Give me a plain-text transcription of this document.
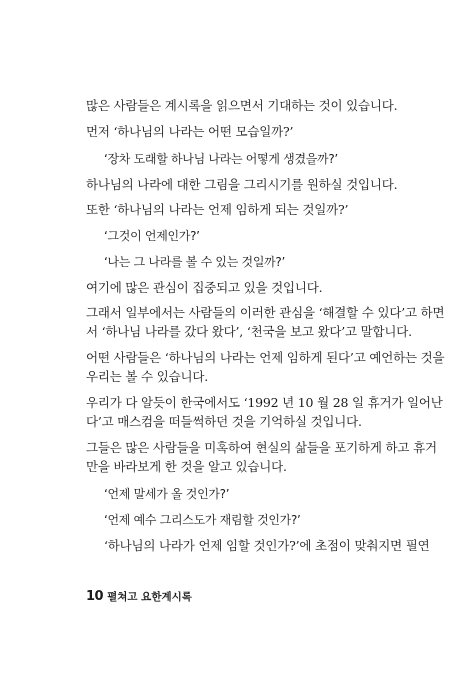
많은 사람들은 계시록을 읽으면서 기대하는 것이 있습니다.
먼저 ‘하나님의 나라는 어떤 모습일까?’
‘장차 도래할 하나님 나라는 어떻게 생겼을까?’
하나님의 나라에 대한 그림을 그리시기를 원하실 것입니다.
또한 ‘하나님의 나라는 언제 임하게 되는 것일까?’
‘그것이 언제인가?’
‘나는 그 나라를 볼 수 있는 것일까?’
여기에 많은 관심이 집중되고 있을 것입니다.
그래서 일부에서는 사람들의 이러한 관심을 ‘해결할 수 있다’고 하면
서 ‘하나님 나라를 갔다 왔다’, ‘천국을 보고 왔다’고 말합니다.
어떤 사람들은 ‘하나님의 나라는 언제 임하게 된다’고 예언하는 것을
우리는 볼 수 있습니다.
우리가 다 알듯이 한국에서도 ‘1992 년 10 월 28 일 휴거가 일어난
다’고 매스컴을 떠들썩하던 것을 기억하실 것입니다.
그들은 많은 사람들을 미혹하여 현실의 삶들을 포기하게 하고 휴거
만을 바라보게 한 것을 알고 있습니다.
‘언제 말세가 올 것인가?’
‘언제 예수 그리스도가 재림할 것인가?’
‘하나님의 나라가 언제 임할 것인가?’에 초점이 맞춰지면 필연
10 펼쳐고 요한계시록
